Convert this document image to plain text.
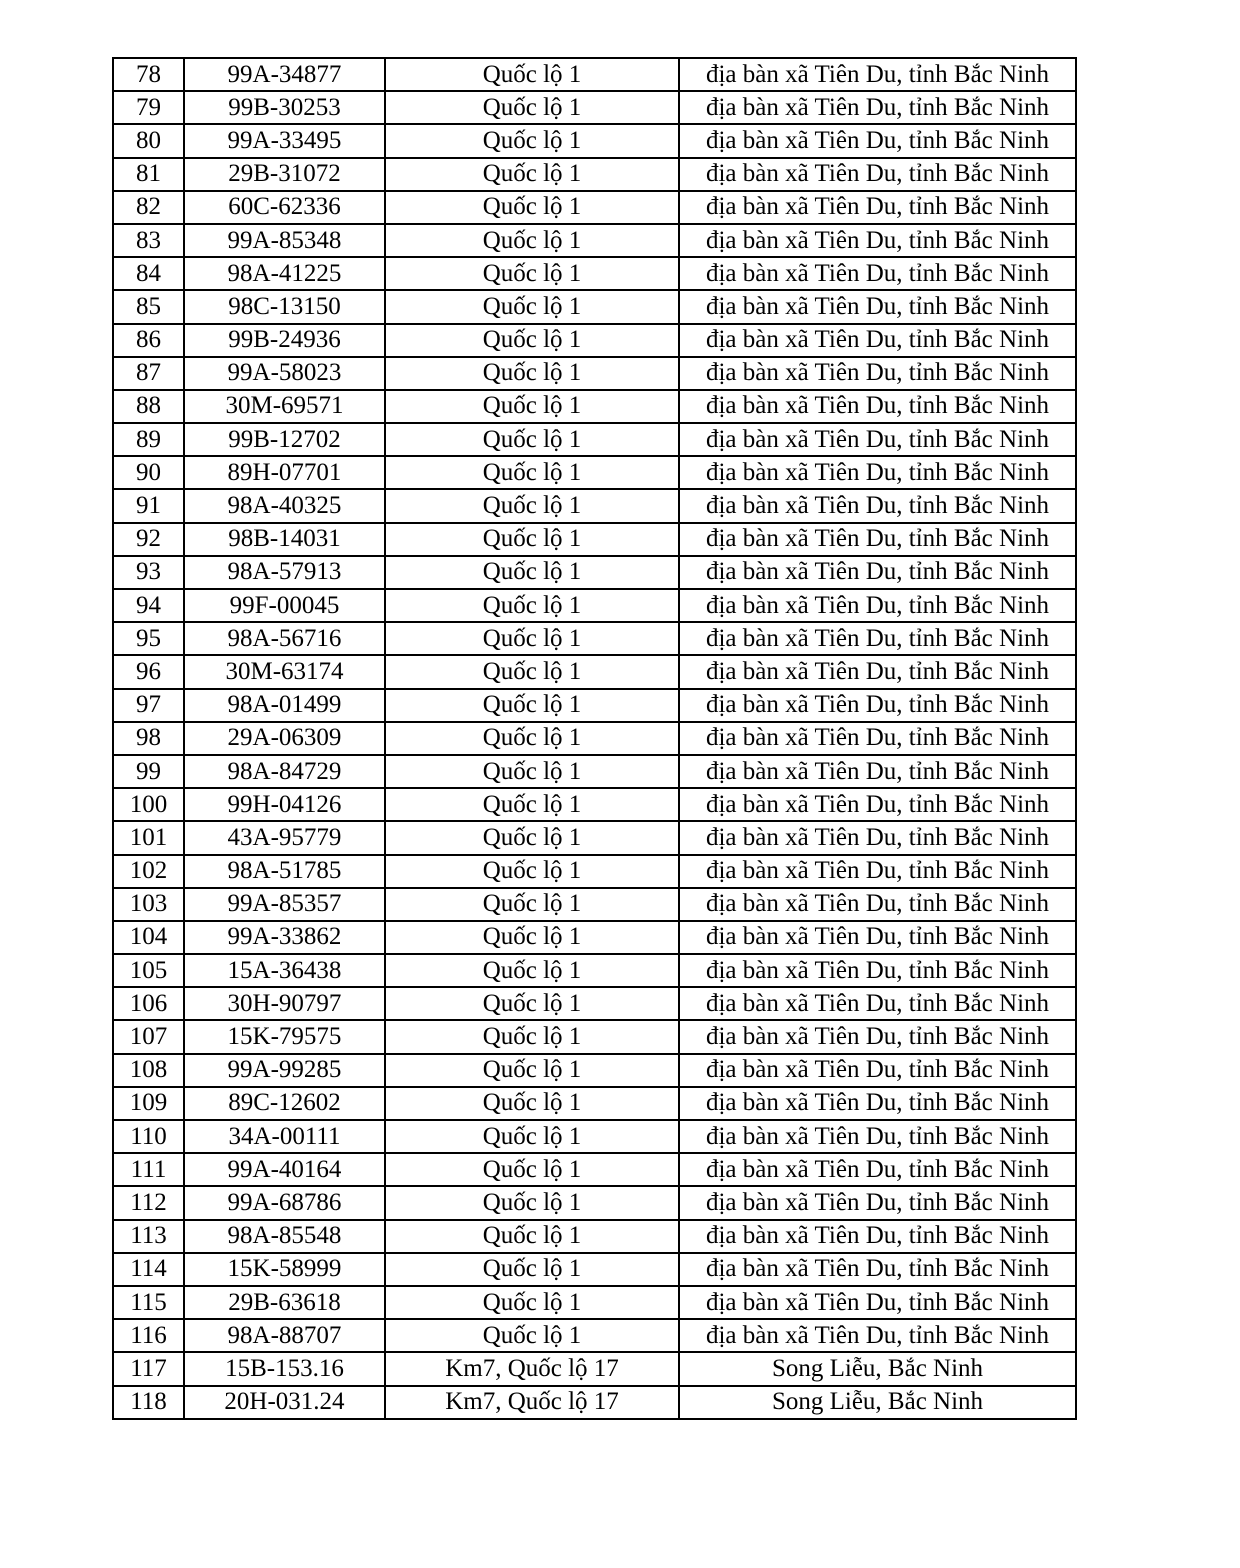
78	99A-34877	Quốc lộ 1	địa bàn xã Tiên Du, tỉnh Bắc Ninh
79	99B-30253	Quốc lộ 1	địa bàn xã Tiên Du, tỉnh Bắc Ninh
80	99A-33495	Quốc lộ 1	địa bàn xã Tiên Du, tỉnh Bắc Ninh
81	29B-31072	Quốc lộ 1	địa bàn xã Tiên Du, tỉnh Bắc Ninh
82	60C-62336	Quốc lộ 1	địa bàn xã Tiên Du, tỉnh Bắc Ninh
83	99A-85348	Quốc lộ 1	địa bàn xã Tiên Du, tỉnh Bắc Ninh
84	98A-41225	Quốc lộ 1	địa bàn xã Tiên Du, tỉnh Bắc Ninh
85	98C-13150	Quốc lộ 1	địa bàn xã Tiên Du, tỉnh Bắc Ninh
86	99B-24936	Quốc lộ 1	địa bàn xã Tiên Du, tỉnh Bắc Ninh
87	99A-58023	Quốc lộ 1	địa bàn xã Tiên Du, tỉnh Bắc Ninh
88	30M-69571	Quốc lộ 1	địa bàn xã Tiên Du, tỉnh Bắc Ninh
89	99B-12702	Quốc lộ 1	địa bàn xã Tiên Du, tỉnh Bắc Ninh
90	89H-07701	Quốc lộ 1	địa bàn xã Tiên Du, tỉnh Bắc Ninh
91	98A-40325	Quốc lộ 1	địa bàn xã Tiên Du, tỉnh Bắc Ninh
92	98B-14031	Quốc lộ 1	địa bàn xã Tiên Du, tỉnh Bắc Ninh
93	98A-57913	Quốc lộ 1	địa bàn xã Tiên Du, tỉnh Bắc Ninh
94	99F-00045	Quốc lộ 1	địa bàn xã Tiên Du, tỉnh Bắc Ninh
95	98A-56716	Quốc lộ 1	địa bàn xã Tiên Du, tỉnh Bắc Ninh
96	30M-63174	Quốc lộ 1	địa bàn xã Tiên Du, tỉnh Bắc Ninh
97	98A-01499	Quốc lộ 1	địa bàn xã Tiên Du, tỉnh Bắc Ninh
98	29A-06309	Quốc lộ 1	địa bàn xã Tiên Du, tỉnh Bắc Ninh
99	98A-84729	Quốc lộ 1	địa bàn xã Tiên Du, tỉnh Bắc Ninh
100	99H-04126	Quốc lộ 1	địa bàn xã Tiên Du, tỉnh Bắc Ninh
101	43A-95779	Quốc lộ 1	địa bàn xã Tiên Du, tỉnh Bắc Ninh
102	98A-51785	Quốc lộ 1	địa bàn xã Tiên Du, tỉnh Bắc Ninh
103	99A-85357	Quốc lộ 1	địa bàn xã Tiên Du, tỉnh Bắc Ninh
104	99A-33862	Quốc lộ 1	địa bàn xã Tiên Du, tỉnh Bắc Ninh
105	15A-36438	Quốc lộ 1	địa bàn xã Tiên Du, tỉnh Bắc Ninh
106	30H-90797	Quốc lộ 1	địa bàn xã Tiên Du, tỉnh Bắc Ninh
107	15K-79575	Quốc lộ 1	địa bàn xã Tiên Du, tỉnh Bắc Ninh
108	99A-99285	Quốc lộ 1	địa bàn xã Tiên Du, tỉnh Bắc Ninh
109	89C-12602	Quốc lộ 1	địa bàn xã Tiên Du, tỉnh Bắc Ninh
110	34A-00111	Quốc lộ 1	địa bàn xã Tiên Du, tỉnh Bắc Ninh
111	99A-40164	Quốc lộ 1	địa bàn xã Tiên Du, tỉnh Bắc Ninh
112	99A-68786	Quốc lộ 1	địa bàn xã Tiên Du, tỉnh Bắc Ninh
113	98A-85548	Quốc lộ 1	địa bàn xã Tiên Du, tỉnh Bắc Ninh
114	15K-58999	Quốc lộ 1	địa bàn xã Tiên Du, tỉnh Bắc Ninh
115	29B-63618	Quốc lộ 1	địa bàn xã Tiên Du, tỉnh Bắc Ninh
116	98A-88707	Quốc lộ 1	địa bàn xã Tiên Du, tỉnh Bắc Ninh
117	15B-153.16	Km7, Quốc lộ 17	Song Liễu, Bắc Ninh
118	20H-031.24	Km7, Quốc lộ 17	Song Liễu, Bắc Ninh
